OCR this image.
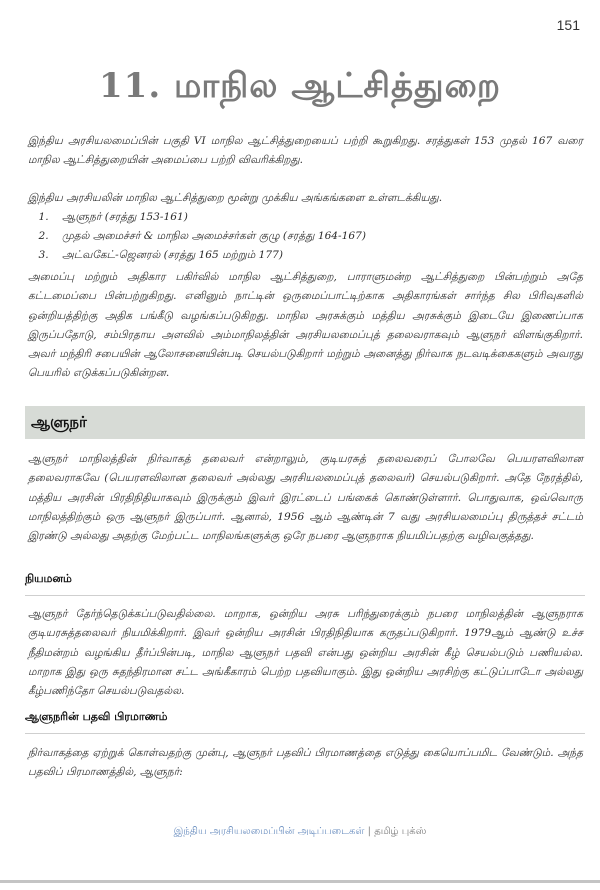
151
11. மாநில ஆட்சித்துறை

இந்திய அரசியலமைப்பின் பகுதி VI மாநில ஆட்சித்துறையைப் பற்றி கூறுகிறது. சரத்துகள் 153 முதல் 167 வரை மாநில ஆட்சித்துறையின் அமைப்பை பற்றி விவரிக்கிறது.

இந்திய அரசியலின் மாநில ஆட்சித்துறை மூன்று முக்கிய அங்கங்களை உள்ளடக்கியது.

1. ஆளுநர் (சரத்து 153-161)
2. முதல் அமைச்சர் & மாநில அமைச்சர்கள் குழு (சரத்து 164-167)
3. அட்வகேட்-ஜெனரல் (சரத்து 165 மற்றும் 177)

அமைப்பு மற்றும் அதிகார பகிர்வில் மாநில ஆட்சித்துறை, பாராளுமன்ற ஆட்சித்துறை பின்பற்றும் அதே கட்டமைப்பை பின்பற்றுகிறது. எனினும் நாட்டின் ஒருமைப்பாட்டிற்காக அதிகாரங்கள் சார்ந்த சில பிரிவுகளில் ஒன்றியத்திற்கு அதிக பங்கீடு வழங்கப்படுகிறது. மாநில அரசுக்கும் மத்திய அரசுக்கும் இடையே இணைப்பாக இருப்பதோடு, சம்பிரதாய அளவில் அம்மாநிலத்தின் அரசியலமைப்புத் தலைவராகவும் ஆளுநர் விளங்குகிறார். அவர் மந்திரி சபையின் ஆலோசனையின்படி செயல்படுகிறார் மற்றும் அனைத்து நிர்வாக நடவடிக்கைகளும் அவரது பெயரில் எடுக்கப்படுகின்றன.

ஆளுநர்

ஆளுநர் மாநிலத்தின் நிர்வாகத் தலைவர் என்றாலும், குடியரசுத் தலைவரைப் போலவே பெயரளவிலான தலைவராகவே (பெயரளவிலான தலைவர் அல்லது அரசியலமைப்புத் தலைவர்) செயல்படுகிறார். அதே நேரத்தில், மத்திய அரசின் பிரதிநிதியாகவும் இருக்கும் இவர் இரட்டைப் பங்கைக் கொண்டுள்ளார். பொதுவாக, ஒவ்வொரு மாநிலத்திற்கும் ஒரு ஆளுநர் இருப்பார். ஆனால், 1956 ஆம் ஆண்டின் 7 வது அரசியலமைப்பு திருத்தச் சட்டம் இரண்டு அல்லது அதற்கு மேற்பட்ட மாநிலங்களுக்கு ஒரே நபரை ஆளுநராக நியமிப்பதற்கு வழிவகுத்தது.

நியமனம்

ஆளுநர் தேர்ந்தெடுக்கப்படுவதில்லை. மாறாக, ஒன்றிய அரசு பரிந்துரைக்கும் நபரை மாநிலத்தின் ஆளுநராக குடியரசுத்தலைவர் நியமிக்கிறார். இவர் ஒன்றிய அரசின் பிரதிநிதியாக கருதப்படுகிறார். 1979ஆம் ஆண்டு உச்ச நீதிமன்றம் வழங்கிய தீர்ப்பின்படி, மாநில ஆளுநர் பதவி என்பது ஒன்றிய அரசின் கீழ் செயல்படும் பணியல்ல. மாறாக இது ஒரு சுதந்திரமான சட்ட அங்கீகாரம் பெற்ற பதவியாகும். இது ஒன்றிய அரசிற்கு கட்டுப்பாடோ அல்லது கீழ்பணிந்தோ செயல்படுவதல்ல.

ஆளுநரின் பதவி பிரமாணம்

நிர்வாகத்தை ஏற்றுக் கொள்வதற்கு முன்பு, ஆளுநர் பதவிப் பிரமாணத்தை எடுத்து கையொப்பமிட வேண்டும். அந்த பதவிப் பிரமாணத்தில், ஆளுநர்:

இந்திய அரசியலமைப்பின் அடிப்படைகள் | தமிழ் புக்ஸ்
